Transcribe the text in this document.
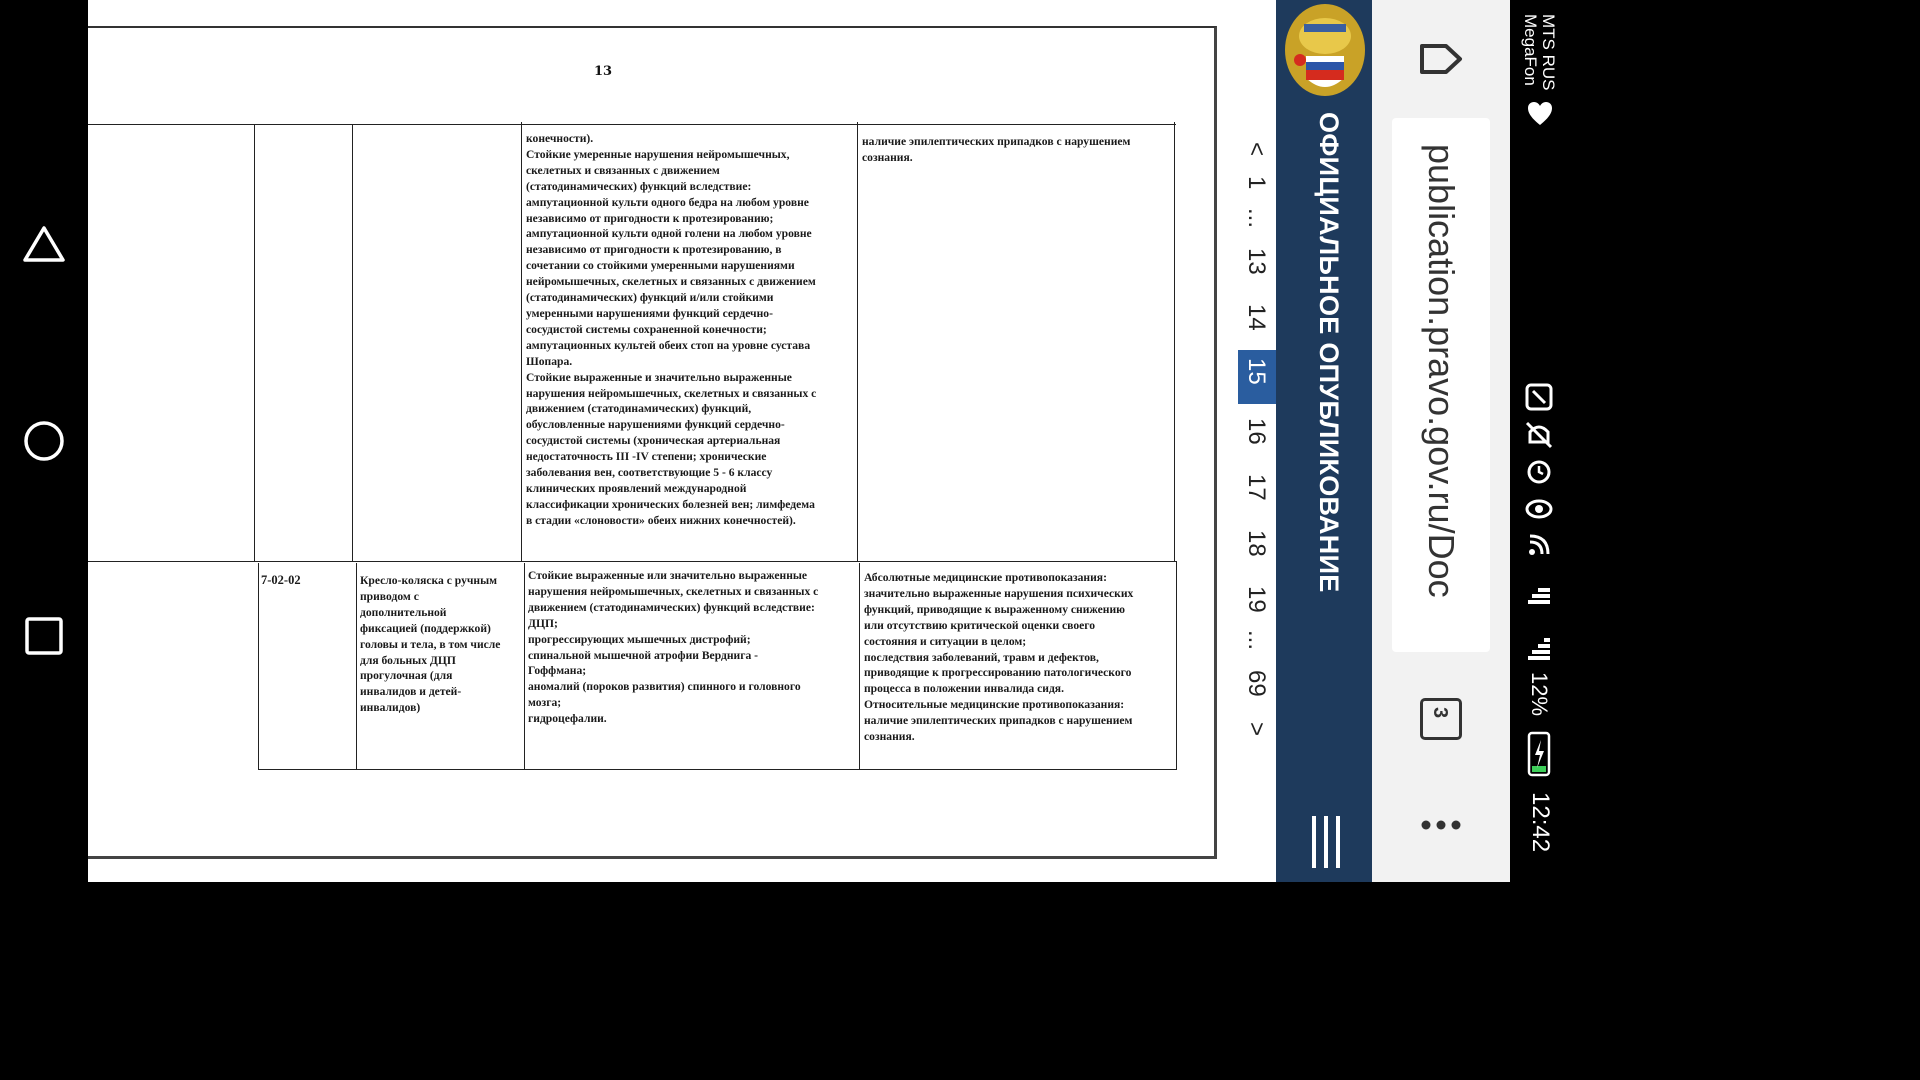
13

конечности).
Стойкие умеренные нарушения нейромышечных,
скелетных и связанных с движением
(статодинамических) функций вследствие:
ампутационной культи одного бедра на любом уровне
независимо от пригодности к протезированию;
ампутационной культи одной голени на любом уровне
независимо от пригодности к протезированию, в
сочетании со стойкими умеренными нарушениями
нейромышечных, скелетных и связанных с движением
(статодинамических) функций и/или стойкими
умеренными нарушениями функций сердечно-
сосудистой системы сохраненной конечности;
ампутационных культей обеих стоп на уровне сустава
Шопара.
Стойкие выраженные и значительно выраженные
нарушения нейромышечных, скелетных и связанных с
движением (статодинамических) функций,
обусловленные нарушениями функций сердечно-
сосудистой системы (хроническая артериальная
недостаточность III -IV степени; хронические
заболевания вен, соответствующие 5 - 6 классу
клинических проявлений международной
классификации хронических болезней вен; лимфедема
в стадии «слоновости» обеих нижних конечностей).

наличие эпилептических припадков с нарушением
сознания.

7-02-02	Кресло-коляска с ручным
приводом с
дополнительной
фиксацией (поддержкой)
головы и тела, в том числе
для больных ДЦП
прогулочная (для
инвалидов и детей-
инвалидов)

Стойкие выраженные или значительно выраженные
нарушения нейромышечных, скелетных и связанных с
движением (статодинамических) функций вследствие:
ДЦП;
прогрессирующих мышечных дистрофий;
спинальной мышечной атрофии Верднига -
Гоффмана;
аномалий (пороков развития) спинного и головного
мозга;
гидроцефалии.

Абсолютные медицинские противопоказания:
значительно выраженные нарушения психических
функций, приводящие к выраженному снижению
или отсутствию критической оценки своего
состояния и ситуации в целом;
последствия заболеваний, травм и дефектов,
приводящие к прогрессированию патологического
процесса в положении инвалида сидя.
Относительные медицинские противопоказания:
наличие эпилептических припадков с нарушением
сознания.

<
1
...
13
14
15
16
17
18
19
...
69
>
ОФИЦИАЛЬНОЕ ОПУБЛИКОВАНИЕ publication.pravo.gov.ru/Doc
3
MTS RUS
MegaFon
12%
12:42
